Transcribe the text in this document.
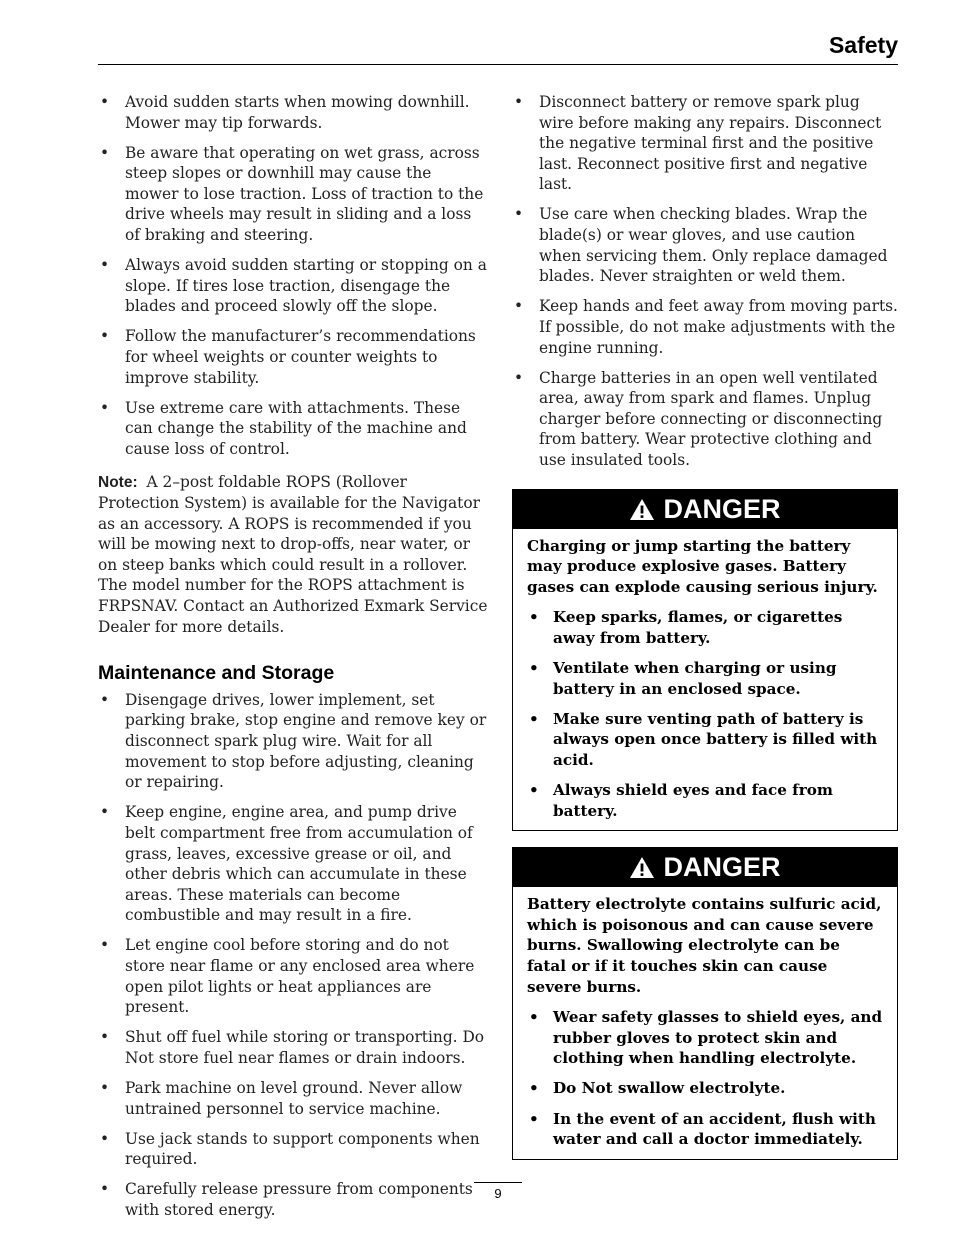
Safety
• Avoid sudden starts when mowing downhill. Mower may tip forwards.
• Be aware that operating on wet grass, across steep slopes or downhill may cause the mower to lose traction. Loss of traction to the drive wheels may result in sliding and a loss of braking and steering.
• Always avoid sudden starting or stopping on a slope. If tires lose traction, disengage the blades and proceed slowly off the slope.
• Follow the manufacturer’s recommendations for wheel weights or counter weights to improve stability.
• Use extreme care with attachments. These can change the stability of the machine and cause loss of control.

Note: A 2–post foldable ROPS (Rollover Protection System) is available for the Navigator as an accessory. A ROPS is recommended if you will be mowing next to drop-offs, near water, or on steep banks which could result in a rollover. The model number for the ROPS attachment is FRPSNAV. Contact an Authorized Exmark Service Dealer for more details.

Maintenance and Storage
• Disengage drives, lower implement, set parking brake, stop engine and remove key or disconnect spark plug wire. Wait for all movement to stop before adjusting, cleaning or repairing.
• Keep engine, engine area, and pump drive belt compartment free from accumulation of grass, leaves, excessive grease or oil, and other debris which can accumulate in these areas. These materials can become combustible and may result in a fire.
• Let engine cool before storing and do not store near flame or any enclosed area where open pilot lights or heat appliances are present.
• Shut off fuel while storing or transporting. Do Not store fuel near flames or drain indoors.
• Park machine on level ground. Never allow untrained personnel to service machine.
• Use jack stands to support components when required.
• Carefully release pressure from components with stored energy.
• Disconnect battery or remove spark plug wire before making any repairs. Disconnect the negative terminal first and the positive last. Reconnect positive first and negative last.
• Use care when checking blades. Wrap the blade(s) or wear gloves, and use caution when servicing them. Only replace damaged blades. Never straighten or weld them.
• Keep hands and feet away from moving parts. If possible, do not make adjustments with the engine running.
• Charge batteries in an open well ventilated area, away from spark and flames. Unplug charger before connecting or disconnecting from battery. Wear protective clothing and use insulated tools.
DANGER

Charging or jump starting the battery may produce explosive gases. Battery gases can explode causing serious injury.

• Keep sparks, flames, or cigarettes away from battery.
• Ventilate when charging or using battery in an enclosed space.
• Make sure venting path of battery is always open once battery is filled with acid.
• Always shield eyes and face from battery.
DANGER

Battery electrolyte contains sulfuric acid, which is poisonous and can cause severe burns. Swallowing electrolyte can be fatal or if it touches skin can cause severe burns.

• Wear safety glasses to shield eyes, and rubber gloves to protect skin and clothing when handling electrolyte.
• Do Not swallow electrolyte.
• In the event of an accident, flush with water and call a doctor immediately.
9
